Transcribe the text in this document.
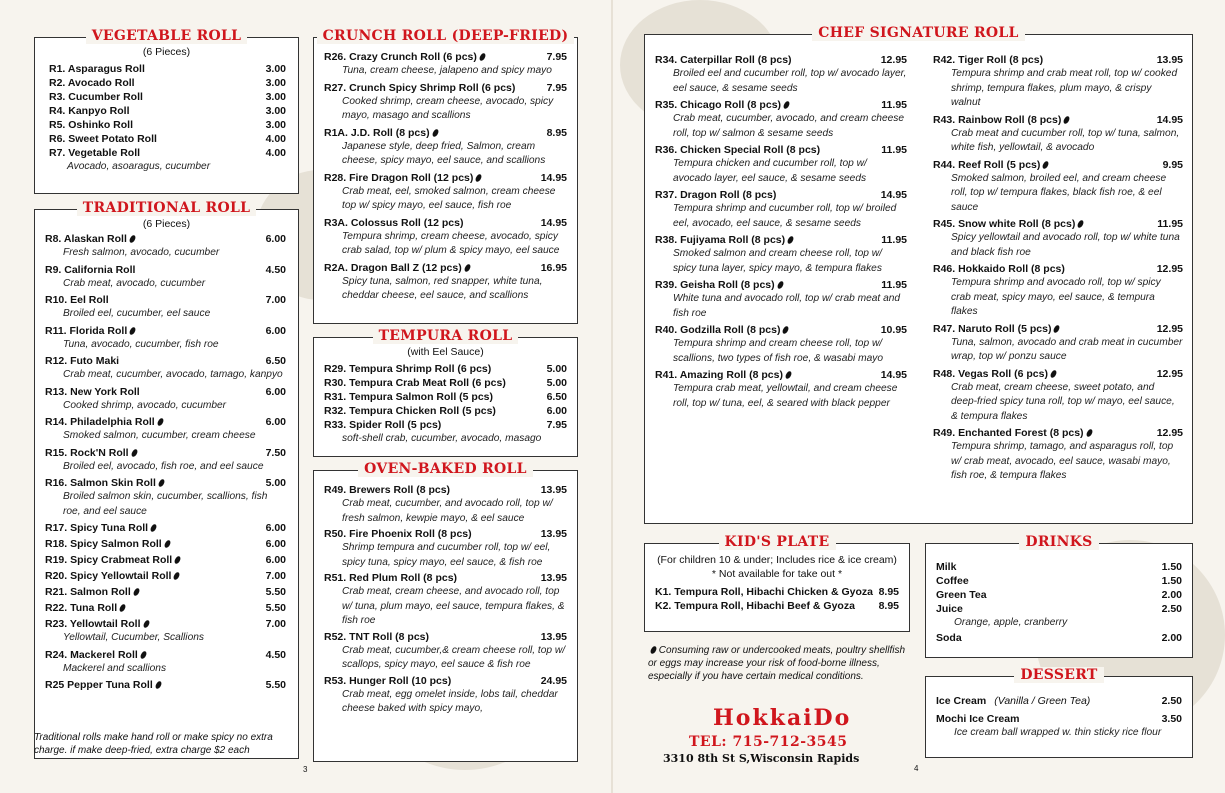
VEGETABLE ROLL
(6 Pieces)
R1. Asparagus Roll	3.00
R2. Avocado Roll	3.00
R3. Cucumber Roll	3.00
R4. Kanpyo Roll	3.00
R5. Oshinko Roll	3.00
R6. Sweet Potato Roll	4.00
R7. Vegetable Roll	4.00
Avocado, asoaragus, cucumber
TRADITIONAL ROLL
(6 Pieces)
R8. Alaskan Roll	6.00
Fresh salmon, avocado, cucumber
R9. California Roll	4.50
Crab meat, avocado, cucumber
R10. Eel Roll	7.00
Broiled eel, cucumber, eel sauce
R11. Florida Roll	6.00
Tuna, avocado, cucumber, fish roe
R12. Futo Maki	6.50
Crab meat, cucumber, avocado, tamago, kanpyo
R13. New York Roll	6.00
Cooked shrimp, avocado, cucumber
R14. Philadelphia Roll	6.00
Smoked salmon, cucumber, cream cheese
R15. Rock'N Roll	7.50
Broiled eel, avocado, fish roe, and eel sauce
R16. Salmon Skin Roll	5.00
Broiled salmon skin, cucumber, scallions, fish roe, and eel sauce
R17. Spicy Tuna Roll	6.00
R18. Spicy Salmon Roll	6.00
R19. Spicy Crabmeat Roll	6.00
R20. Spicy Yellowtail Roll	7.00
R21. Salmon Roll	5.50
R22. Tuna Roll	5.50
R23. Yellowtail Roll	7.00
Yellowtail, Cucumber, Scallions
R24. Mackerel Roll	4.50
Mackerel and scallions
R25 Pepper Tuna Roll	5.50
Traditional rolls make hand roll or make spicy no extra charge. if make deep-fried, extra charge $2 each
3
CRUNCH ROLL (DEEP-FRIED)
R26. Crazy Crunch Roll (6 pcs)	7.95
Tuna, cream cheese, jalapeno and spicy mayo
R27. Crunch Spicy Shrimp Roll (6 pcs)	7.95
Cooked shrimp, cream cheese, avocado, spicy mayo, masago and scallions
R1A. J.D. Roll (8 pcs)	8.95
Japanese style, deep fried, Salmon, cream cheese, spicy mayo, eel sauce, and scallions
R28. Fire Dragon Roll (12 pcs)	14.95
Crab meat, eel, smoked salmon, cream cheese top w/ spicy mayo, eel sauce, fish roe
R3A. Colossus Roll (12 pcs)	14.95
Tempura shrimp, cream cheese, avocado, spicy crab salad, top w/ plum & spicy mayo, eel sauce
R2A. Dragon Ball Z (12 pcs)	16.95
Spicy tuna, salmon, red snapper, white tuna, cheddar cheese, eel sauce, and scallions
TEMPURA ROLL
(with Eel Sauce)
R29. Tempura Shrimp Roll (6 pcs)	5.00
R30. Tempura Crab Meat Roll (6 pcs)	5.00
R31. Tempura Salmon Roll (5 pcs)	6.50
R32. Tempura Chicken Roll (5 pcs)	6.00
R33. Spider Roll (5 pcs)	7.95
soft-shell crab, cucumber, avocado, masago
OVEN-BAKED ROLL
R49. Brewers Roll (8 pcs)	13.95
Crab meat, cucumber, and avocado roll, top w/ fresh salmon, kewpie mayo, & eel sauce
R50. Fire Phoenix Roll (8 pcs)	13.95
Shrimp tempura and cucumber roll, top w/ eel, spicy tuna, spicy mayo, eel sauce, & fish roe
R51. Red Plum Roll (8 pcs)	13.95
Crab meat, cream cheese, and avocado roll, top w/ tuna, plum mayo, eel sauce, tempura flakes, & fish roe
R52. TNT Roll (8 pcs)	13.95
Crab meat, cucumber,& cream cheese roll, top w/ scallops, spicy mayo, eel sauce & fish roe
R53. Hunger Roll (10 pcs)	24.95
Crab meat, egg omelet inside, lobs tail, cheddar cheese baked with spicy mayo,
CHEF SIGNATURE ROLL
R34. Caterpillar Roll (8 pcs)	12.95
Broiled eel and cucumber roll, top w/ avocado layer, eel sauce, & sesame seeds
R35. Chicago Roll (8 pcs)	11.95
Crab meat, cucumber, avocado, and cream cheese roll, top w/ salmon & sesame seeds
R36. Chicken Special Roll (8 pcs)	11.95
Tempura chicken and cucumber roll, top w/ avocado layer, eel sauce, & sesame seeds
R37. Dragon Roll (8 pcs)	14.95
Tempura shrimp and cucumber roll, top w/ broiled eel, avocado, eel sauce, & sesame seeds
R38. Fujiyama Roll (8 pcs)	11.95
Smoked salmon and cream cheese roll, top w/ spicy tuna layer, spicy mayo, & tempura flakes
R39. Geisha Roll (8 pcs)	11.95
White tuna and avocado roll, top w/ crab meat and fish roe
R40. Godzilla Roll (8 pcs)	10.95
Tempura shrimp and cream cheese roll, top w/ scallions, two types of fish roe, & wasabi mayo
R41. Amazing Roll (8 pcs)	14.95
Tempura crab meat, yellowtail, and cream cheese roll, top w/ tuna, eel, & seared with black pepper
R42. Tiger Roll (8 pcs)	13.95
Tempura shrimp and crab meat roll, top w/ cooked shrimp, tempura flakes, plum mayo, & crispy walnut
R43. Rainbow Roll (8 pcs)	14.95
Crab meat and cucumber roll, top w/ tuna, salmon, white fish, yellowtail, & avocado
R44. Reef Roll (5 pcs)	9.95
Smoked salmon, broiled eel, and cream cheese roll, top w/ tempura flakes, black fish roe, & eel sauce
R45. Snow white Roll (8 pcs)	11.95
Spicy yellowtail and avocado roll, top w/ white tuna and black fish roe
R46. Hokkaido Roll (8 pcs)	12.95
Tempura shrimp and avocado roll, top w/ spicy crab meat, spicy mayo, eel sauce, & tempura flakes
R47. Naruto Roll (5 pcs)	12.95
Tuna, salmon, avocado and crab meat in cucumber wrap, top w/ ponzu sauce
R48. Vegas Roll (6 pcs)	12.95
Crab meat, cream cheese, sweet potato, and deep-fried spicy tuna roll, top w/ mayo, eel sauce, & tempura flakes
R49. Enchanted Forest (8 pcs)	12.95
Tempura shrimp, tamago, and asparagus roll, top w/ crab meat, avocado, eel sauce, wasabi mayo, fish roe, & tempura flakes
KID'S PLATE
(For children 10 & under; Includes rice & ice cream)
* Not available for take out *
K1. Tempura Roll, Hibachi Chicken & Gyoza 8.95
K2. Tempura Roll, Hibachi Beef & Gyoza 8.95
Consuming raw or undercooked meats, poultry shellfish or eggs may increase your risk of food-borne illness, especially if you have certain medical conditions.
DRINKS
Milk	1.50
Coffee	1.50
Green Tea	2.00
Juice	2.50
Orange, apple, cranberry
Soda	2.00
DESSERT
Ice Cream (Vanilla / Green Tea)	2.50
Mochi Ice Cream	3.50
Ice cream ball wrapped w. thin sticky rice flour
HokkaiDo
TEL: 715-712-3545
3310 8th St S,Wisconsin Rapids
4
